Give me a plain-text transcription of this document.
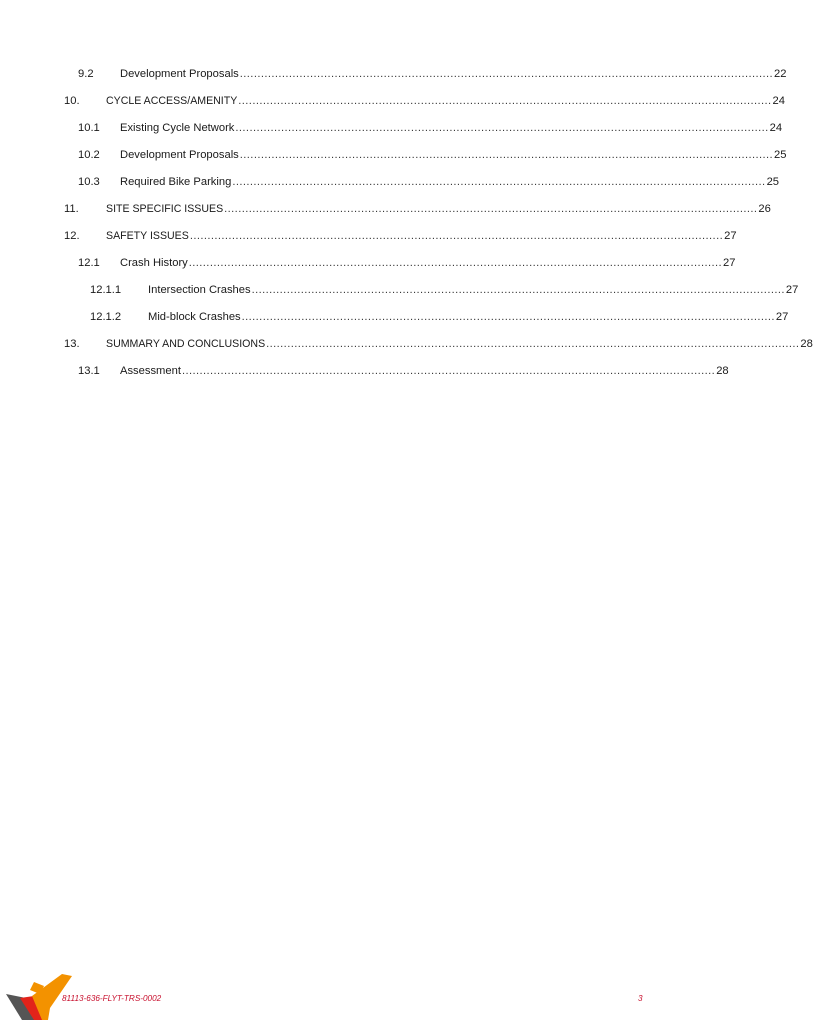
9.2 Development Proposals ........................................................................................................................................................ 22
10. CYCLE ACCESS/AMENITY ........................................................................................................................................................ 24
10.1 Existing Cycle Network ........................................................................................................................................................ 24
10.2 Development Proposals ........................................................................................................................................................ 25
10.3 Required Bike Parking ........................................................................................................................................................ 25
11.	SITE SPECIFIC ISSUES ........................................................................................................................................................ 26
12. SAFETY ISSUES ........................................................................................................................................................ 27
12.1 Crash History ........................................................................................................................................................ 27
12.1.1 Intersection Crashes ........................................................................................................................................................ 27
12.1.2 Mid-block Crashes ........................................................................................................................................................ 27
13. SUMMARY AND CONCLUSIONS ........................................................................................................................................................ 28
13.1 Assessment ........................................................................................................................................................ 28
81113-636-FLYT-TRS-0002	3
